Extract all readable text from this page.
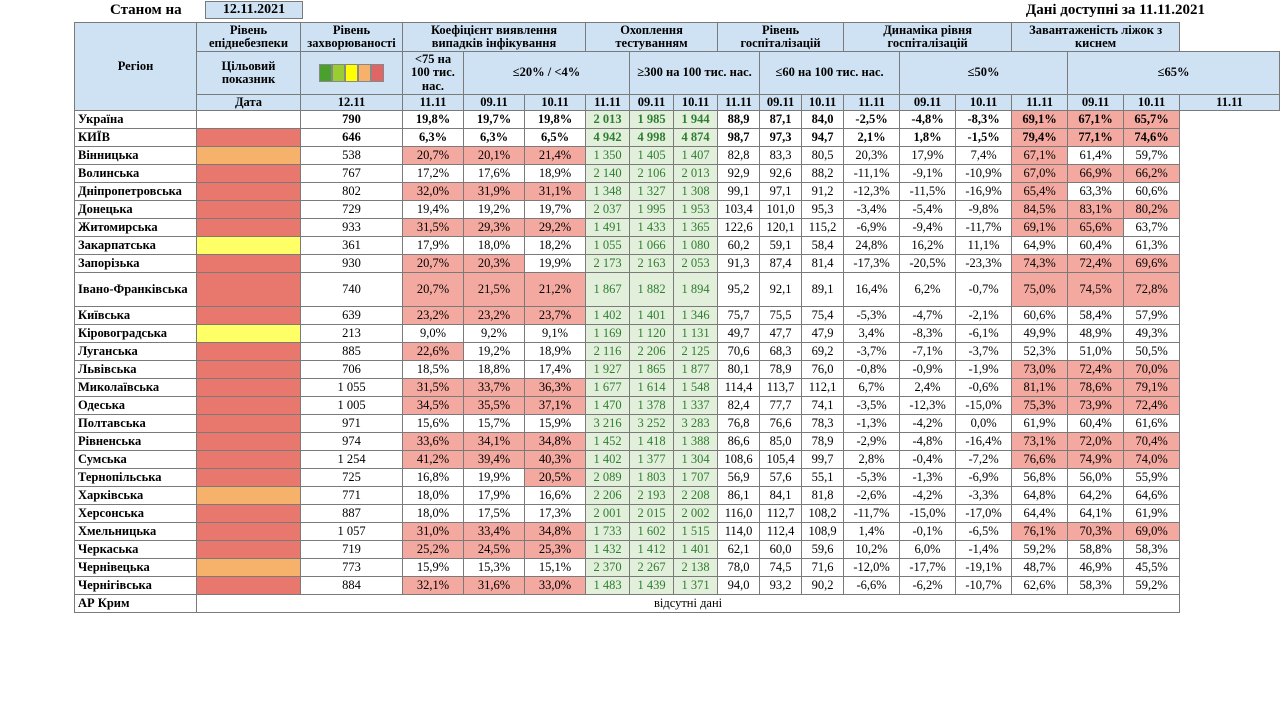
Станом на	12.11.2021	Дані доступні за 11.11.2021
Регіон	Рівень епіднебезпеки	Рівень захворюваності	Коефіцієнт виявлення випадків інфікування			Охоплення тестуванням			Рівень госпіталізацій			Динаміка рівня госпіталізацій			Завантаженість ліжок з киснем			
	Цільовий показник		<75 на 100 тис. нас.	≤20% / <4%			≥300 на 100 тис. нас.			≤60 на 100 тис. нас.			≤50%			≤65%		
	Дата	12.11	11.11	09.11	10.11	11.11	09.11	10.11	11.11	09.11	10.11	11.11	09.11	10.11	11.11	09.11	10.11	11.11
Україна		790	19,8%	19,7%	19,8%	2 013	1 985	1 944	88,9	87,1	84,0	-2,5%	-4,8%	-8,3%	69,1%	67,1%	65,7%	
КИЇВ		646	6,3%	6,3%	6,5%	4 942	4 998	4 874	98,7	97,3	94,7	2,1%	1,8%	-1,5%	79,4%	77,1%	74,6%	
Вінницька		538	20,7%	20,1%	21,4%	1 350	1 405	1 407	82,8	83,3	80,5	20,3%	17,9%	7,4%	67,1%	61,4%	59,7%	
Волинська		767	17,2%	17,6%	18,9%	2 140	2 106	2 013	92,9	92,6	88,2	-11,1%	-9,1%	-10,9%	67,0%	66,9%	66,2%	
Дніпропетровська		802	32,0%	31,9%	31,1%	1 348	1 327	1 308	99,1	97,1	91,2	-12,3%	-11,5%	-16,9%	65,4%	63,3%	60,6%	
Донецька		729	19,4%	19,2%	19,7%	2 037	1 995	1 953	103,4	101,0	95,3	-3,4%	-5,4%	-9,8%	84,5%	83,1%	80,2%	
Житомирська		933	31,5%	29,3%	29,2%	1 491	1 433	1 365	122,6	120,1	115,2	-6,9%	-9,4%	-11,7%	69,1%	65,6%	63,7%	
Закарпатська		361	17,9%	18,0%	18,2%	1 055	1 066	1 080	60,2	59,1	58,4	24,8%	16,2%	11,1%	64,9%	60,4%	61,3%	
Запорізька		930	20,7%	20,3%	19,9%	2 173	2 163	2 053	91,3	87,4	81,4	-17,3%	-20,5%	-23,3%	74,3%	72,4%	69,6%	
Івано-Франківська		740	20,7%	21,5%	21,2%	1 867	1 882	1 894	95,2	92,1	89,1	16,4%	6,2%	-0,7%	75,0%	74,5%	72,8%	
Київська		639	23,2%	23,2%	23,7%	1 402	1 401	1 346	75,7	75,5	75,4	-5,3%	-4,7%	-2,1%	60,6%	58,4%	57,9%	
Кіровоградська		213	9,0%	9,2%	9,1%	1 169	1 120	1 131	49,7	47,7	47,9	3,4%	-8,3%	-6,1%	49,9%	48,9%	49,3%	
Луганська		885	22,6%	19,2%	18,9%	2 116	2 206	2 125	70,6	68,3	69,2	-3,7%	-7,1%	-3,7%	52,3%	51,0%	50,5%	
Львівська		706	18,5%	18,8%	17,4%	1 927	1 865	1 877	80,1	78,9	76,0	-0,8%	-0,9%	-1,9%	73,0%	72,4%	70,0%	
Миколаївська		1 055	31,5%	33,7%	36,3%	1 677	1 614	1 548	114,4	113,7	112,1	6,7%	2,4%	-0,6%	81,1%	78,6%	79,1%	
Одеська		1 005	34,5%	35,5%	37,1%	1 470	1 378	1 337	82,4	77,7	74,1	-3,5%	-12,3%	-15,0%	75,3%	73,9%	72,4%	
Полтавська		971	15,6%	15,7%	15,9%	3 216	3 252	3 283	76,8	76,6	78,3	-1,3%	-4,2%	0,0%	61,9%	60,4%	61,6%	
Рівненська		974	33,6%	34,1%	34,8%	1 452	1 418	1 388	86,6	85,0	78,9	-2,9%	-4,8%	-16,4%	73,1%	72,0%	70,4%	
Сумська		1 254	41,2%	39,4%	40,3%	1 402	1 377	1 304	108,6	105,4	99,7	2,8%	-0,4%	-7,2%	76,6%	74,9%	74,0%	
Тернопільська		725	16,8%	19,9%	20,5%	2 089	1 803	1 707	56,9	57,6	55,1	-5,3%	-1,3%	-6,9%	56,8%	56,0%	55,9%	
Харківська		771	18,0%	17,9%	16,6%	2 206	2 193	2 208	86,1	84,1	81,8	-2,6%	-4,2%	-3,3%	64,8%	64,2%	64,6%	
Херсонська		887	18,0%	17,5%	17,3%	2 001	2 015	2 002	116,0	112,7	108,2	-11,7%	-15,0%	-17,0%	64,4%	64,1%	61,9%	
Хмельницька		1 057	31,0%	33,4%	34,8%	1 733	1 602	1 515	114,0	112,4	108,9	1,4%	-0,1%	-6,5%	76,1%	70,3%	69,0%	
Черкаська		719	25,2%	24,5%	25,3%	1 432	1 412	1 401	62,1	60,0	59,6	10,2%	6,0%	-1,4%	59,2%	58,8%	58,3%	
Чернівецька		773	15,9%	15,3%	15,1%	2 370	2 267	2 138	78,0	74,5	71,6	-12,0%	-17,7%	-19,1%	48,7%	46,9%	45,5%	
Чернігівська		884	32,1%	31,6%	33,0%	1 483	1 439	1 371	94,0	93,2	90,2	-6,6%	-6,2%	-10,7%	62,6%	58,3%	59,2%	
АР Крим	відсутні дані																	
